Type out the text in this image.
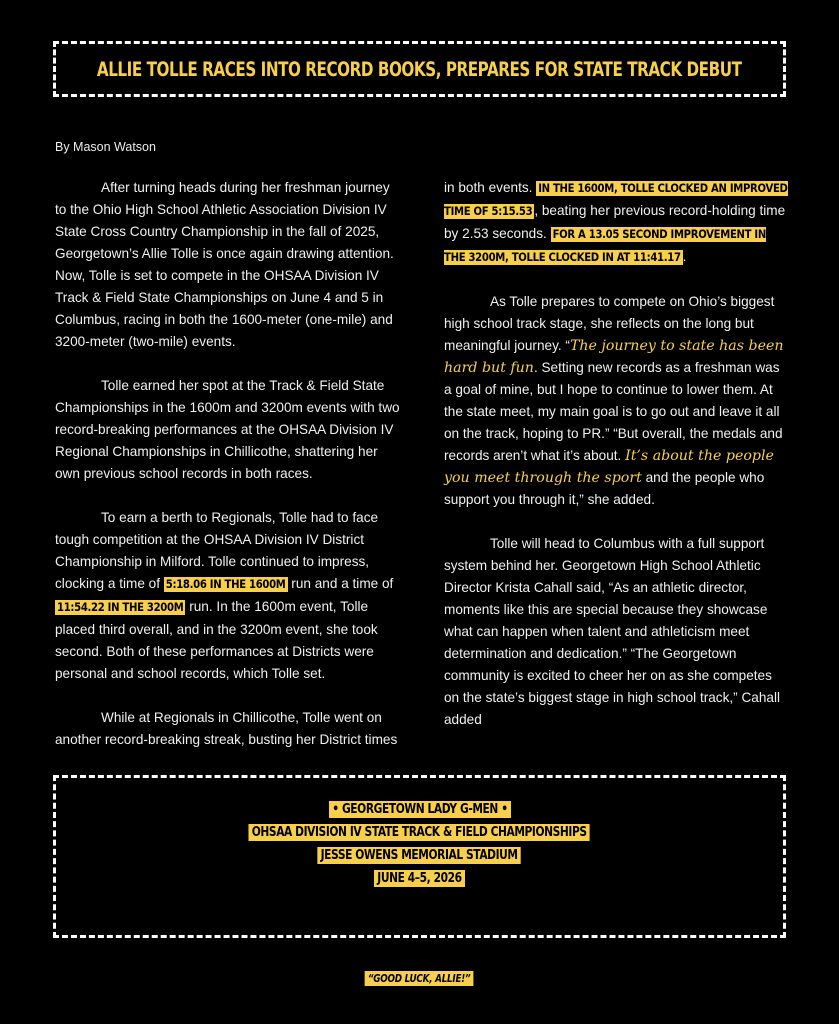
ALLIE TOLLE RACES INTO RECORD BOOKS, PREPARES FOR STATE TRACK DEBUT
By Mason Watson

After turning heads during her freshman journey to the Ohio High School Athletic Association Division IV State Cross Country Championship in the fall of 2025, Georgetown’s Allie Tolle is once again drawing attention. Now, Tolle is set to compete in the OHSAA Division IV Track & Field State Championships on June 4 and 5 in Columbus, racing in both the 1600-meter (one-mile) and 3200-meter (two-mile) events.

Tolle earned her spot at the Track & Field State Championships in the 1600m and 3200m events with two record-breaking performances at the OHSAA Division IV Regional Championships in Chillicothe, shattering her own previous school records in both races.

To earn a berth to Regionals, Tolle had to face tough competition at the OHSAA Division IV District Championship in Milford. Tolle continued to impress, clocking a time of 5:18.06 IN THE 1600M run and a time of 11:54.22 IN THE 3200M run. In the 1600m event, Tolle placed third overall, and in the 3200m event, she took second. Both of these performances at Districts were personal and school records, which Tolle set.

While at Regionals in Chillicothe, Tolle went on another record-breaking streak, busting her District times

in both events. IN THE 1600M, TOLLE CLOCKED AN IMPROVED TIME OF 5:15.53 , beating her previous record-holding time by 2.53 seconds. FOR A 13.05 SECOND IMPROVEMENT IN THE 3200M, TOLLE CLOCKED IN AT 11:41.17 .

As Tolle prepares to compete on Ohio’s biggest high school track stage, she reflects on the long but meaningful journey. “The journey to state has been hard but fun. Setting new records as a freshman was a goal of mine, but I hope to continue to lower them. At the state meet, my main goal is to go out and leave it all on the track, hoping to PR.” “But overall, the medals and records aren’t what it’s about. It’s about the people you meet through the sport and the people who support you through it,” she added.

Tolle will head to Columbus with a full support system behind her. Georgetown High School Athletic Director Krista Cahall said, “As an athletic director, moments like this are special because they showcase what can happen when talent and athleticism meet determination and dedication.” “The Georgetown community is excited to cheer her on as she competes on the state’s biggest stage in high school track,” Cahall added

• GEORGETOWN LADY G-MEN •
OHSAA DIVISION IV STATE TRACK & FIELD CHAMPIONSHIPS
JESSE OWENS MEMORIAL STADIUM
JUNE 4–5, 2026
“GOOD LUCK, ALLIE!”
